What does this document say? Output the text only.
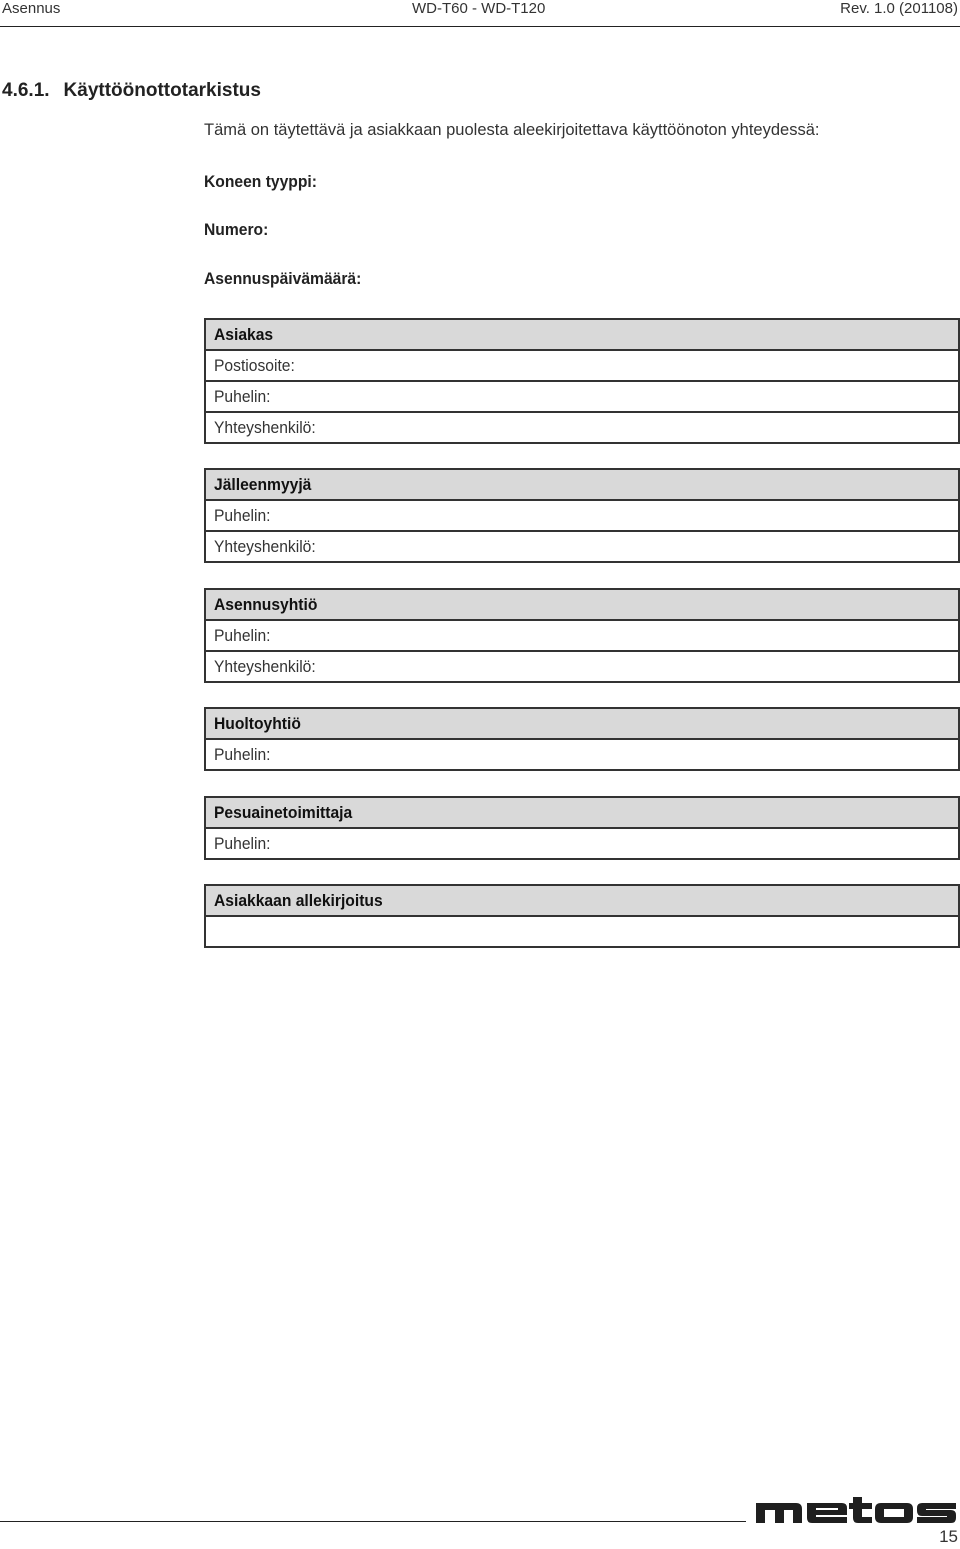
Asennus	WD-T60 - WD-T120	Rev. 1.0 (201108)
4.6.1. Käyttöönottotarkistus
Tämä on täytettävä ja asiakkaan puolesta aleekirjoitettava käyttöönoton yhteydessä:
Koneen tyyppi:
Numero:
Asennuspäivämäärä:
Asiakas
Postiosoite:
Puhelin:
Yhteyshenkilö:
Jälleenmyyjä
Puhelin:
Yhteyshenkilö:
Asennusyhtiö
Puhelin:
Yhteyshenkilö:
Huoltoyhtiö
Puhelin:
Pesuainetoimittaja
Puhelin:
Asiakkaan allekirjoitus
15
